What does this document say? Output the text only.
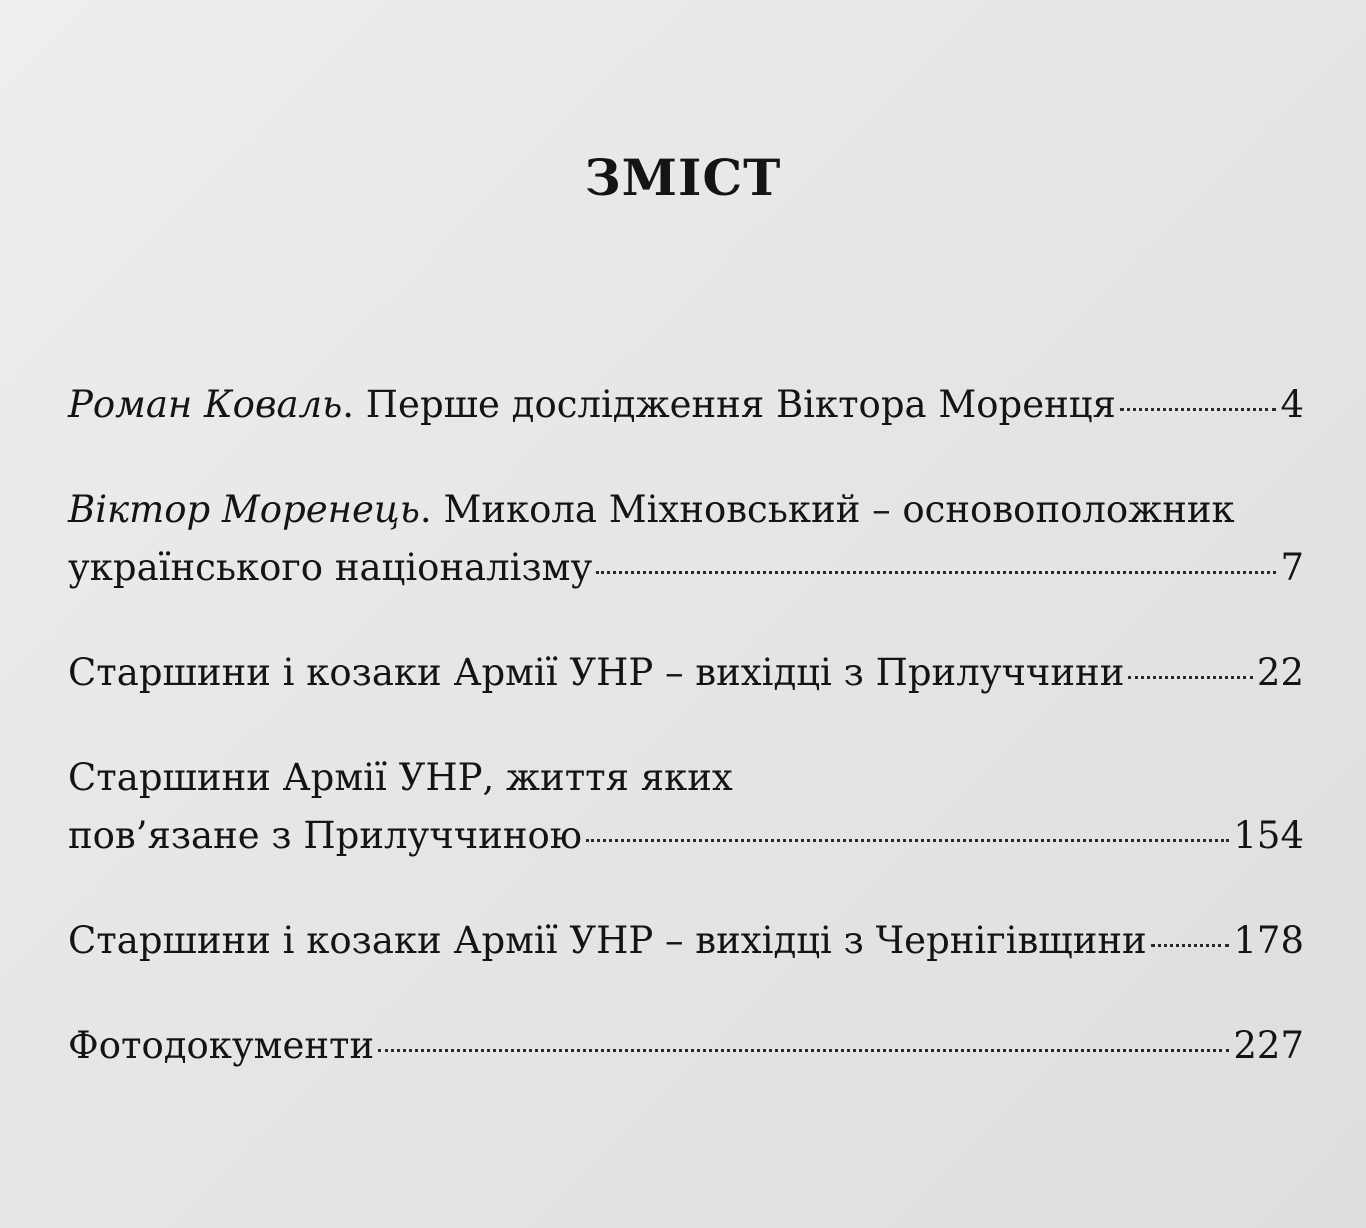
ЗМІСТ
Роман Коваль. Перше дослідження Віктора Моренця	4
Віктор Моренець. Микола Міхновський – основоположник
українського націоналізму	7
Старшини і козаки Армії УНР – вихідці з Прилуччини	22
Старшини Армії УНР, життя яких
пов’язане з Прилуччиною	154
Старшини і козаки Армії УНР – вихідці з Чернігівщини 178
Фотодокументи	227
